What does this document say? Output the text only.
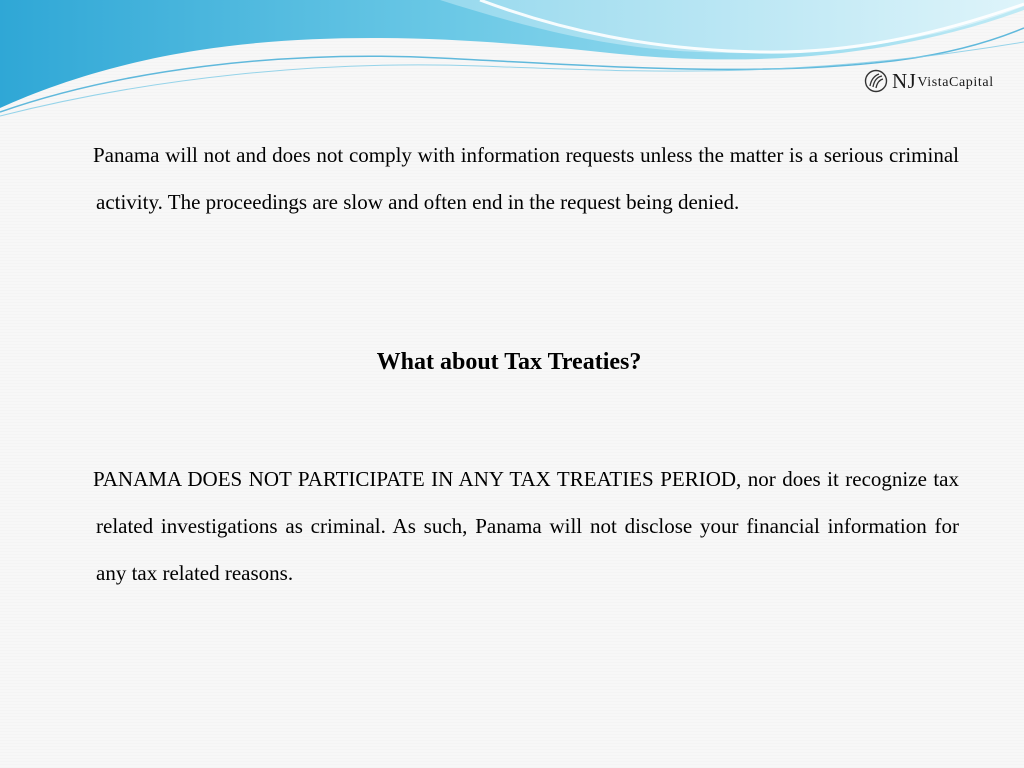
NJ VistaCapital
Panama will not and does not comply with information requests unless the matter is a serious criminal activity. The proceedings are slow and often end in the request being denied.
What about Tax Treaties?
PANAMA DOES NOT PARTICIPATE IN ANY TAX TREATIES PERIOD, nor does it recognize tax related investigations as criminal. As such, Panama will not disclose your financial information for any tax related reasons.
